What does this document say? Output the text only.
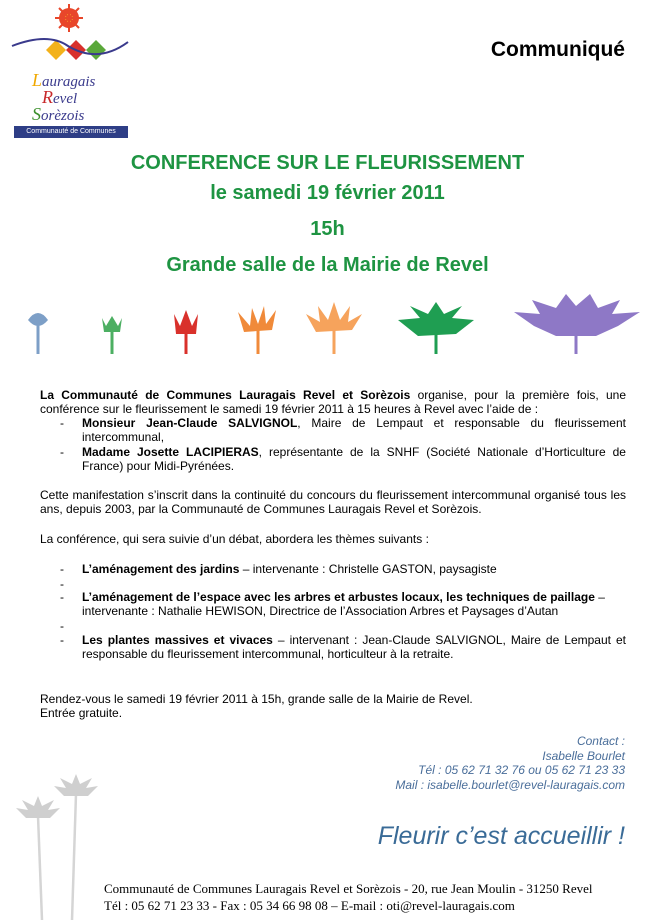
Lauragais
Revel
Sorèzois
Communauté de Communes
Communiqué
CONFERENCE SUR LE FLEURISSEMENT
le samedi 19 février 2011
15h
Grande salle de la Mairie de Revel
La Communauté de Communes Lauragais Revel et Sorèzois organise, pour la première fois, une conférence sur le fleurissement le samedi 19 février 2011 à 15 heures à Revel avec l’aide de :
-	Monsieur Jean-Claude SALVIGNOL, Maire de Lempaut et responsable du fleurissement intercommunal,
-	Madame Josette LACIPIERAS, représentante de la SNHF (Société Nationale d’Horticulture de France) pour Midi-Pyrénées.
Cette manifestation s’inscrit dans la continuité du concours du fleurissement intercommunal organisé tous les ans, depuis 2003, par la Communauté de Communes Lauragais Revel et Sorèzois.
La conférence, qui sera suivie d’un débat, abordera les thèmes suivants :
-	L’aménagement des jardins – intervenante : Christelle GASTON, paysagiste
-
-	L’aménagement de l’espace avec les arbres et arbustes locaux, les techniques de paillage – intervenante : Nathalie HEWISON, Directrice de l’Association Arbres et Paysages d’Autan
-
-	Les plantes massives et vivaces – intervenant : Jean-Claude SALVIGNOL, Maire de Lempaut et responsable du fleurissement intercommunal, horticulteur à la retraite.
Rendez-vous le samedi 19 février 2011 à 15h, grande salle de la Mairie de Revel.
Entrée gratuite.
Contact :
Isabelle Bourlet
Tél : 05 62 71 32 76 ou 05 62 71 23 33
Mail : isabelle.bourlet@revel-lauragais.com
Fleurir c’est accueillir !
Communauté de Communes Lauragais Revel et Sorèzois - 20, rue Jean Moulin - 31250 Revel
Tél : 05 62 71 23 33 - Fax : 05 34 66 98 08 – E-mail : oti@revel-lauragais.com
